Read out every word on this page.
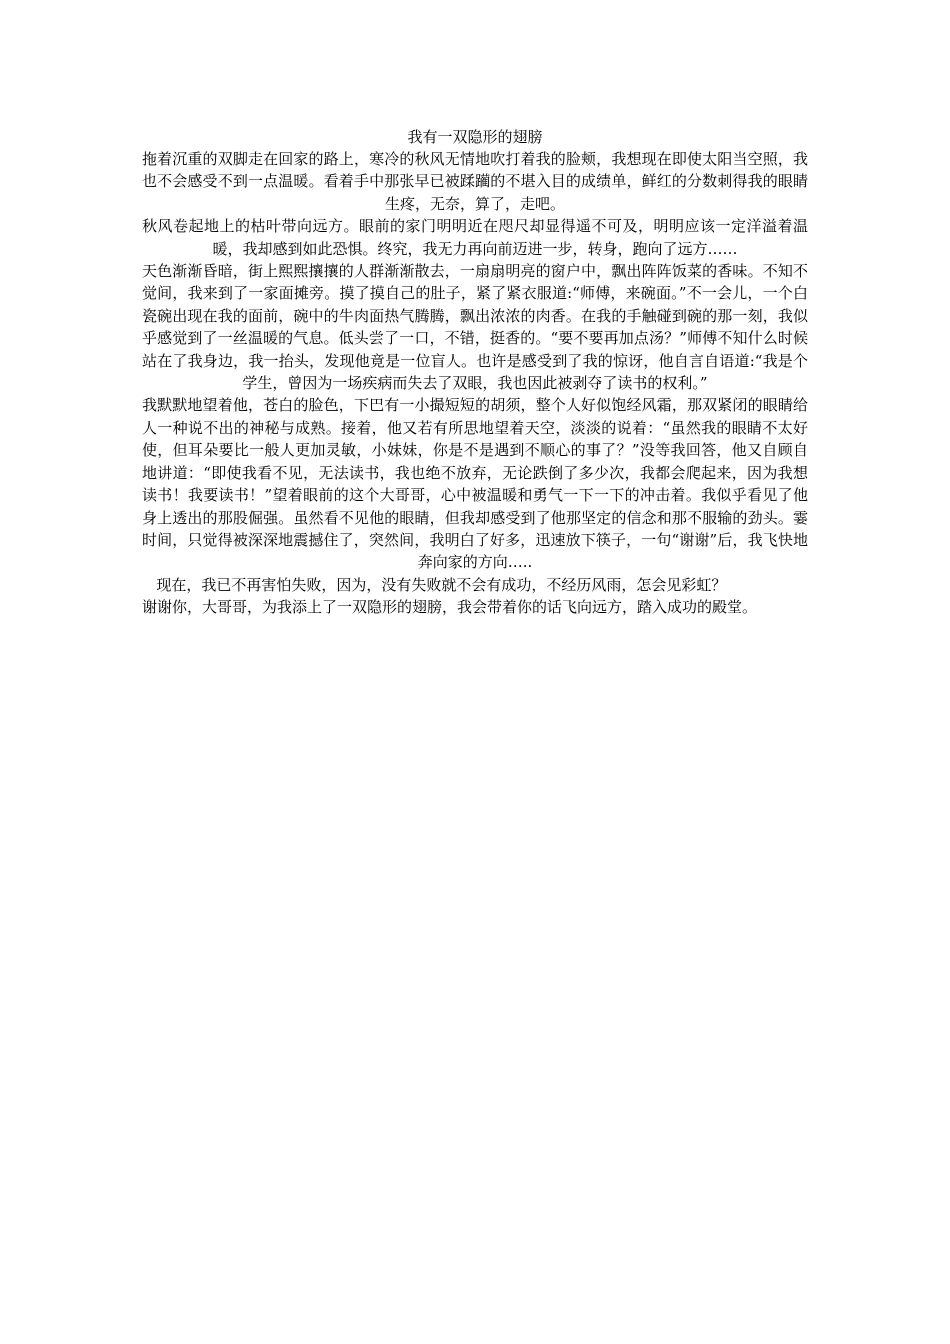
我有一双隐形的翅膀

拖着沉重的双脚走在回家的路上，寒冷的秋风无情地吹打着我的脸颊，我想现在即使太阳当空照，我也不会感受不到一点温暖。看着手中那张早已被蹂躏的不堪入目的成绩单，鲜红的分数刺得我的眼睛生疼，无奈，算了，走吧。

秋风卷起地上的枯叶带向远方。眼前的家门明明近在咫尺却显得遥不可及，明明应该一定洋溢着温暖，我却感到如此恐惧。终究，我无力再向前迈进一步，转身，跑向了远方……

天色渐渐昏暗，街上熙熙攘攘的人群渐渐散去，一扇扇明亮的窗户中，飘出阵阵饭菜的香味。不知不觉间，我来到了一家面摊旁。摸了摸自己的肚子，紧了紧衣服道:“师傅，来碗面。”不一会儿，一个白瓷碗出现在我的面前，碗中的牛肉面热气腾腾，飘出浓浓的肉香。在我的手触碰到碗的那一刻，我似乎感觉到了一丝温暖的气息。低头尝了一口，不错，挺香的。“要不要再加点汤？”师傅不知什么时候站在了我身边，我一抬头，发现他竟是一位盲人。也许是感受到了我的惊讶，他自言自语道:“我是个学生，曾因为一场疾病而失去了双眼，我也因此被剥夺了读书的权利。”

我默默地望着他，苍白的脸色，下巴有一小撮短短的胡须，整个人好似饱经风霜，那双紧闭的眼睛给人一种说不出的神秘与成熟。接着，他又若有所思地望着天空，淡淡的说着：“虽然我的眼睛不太好使，但耳朵要比一般人更加灵敏，小妹妹，你是不是遇到不顺心的事了？”没等我回答，他又自顾自地讲道：“即使我看不见，无法读书，我也绝不放弃，无论跌倒了多少次，我都会爬起来，因为我想读书！我要读书！”望着眼前的这个大哥哥，心中被温暖和勇气一下一下的冲击着。我似乎看见了他身上透出的那股倔强。虽然看不见他的眼睛，但我却感受到了他那坚定的信念和那不服输的劲头。霎时间，只觉得被深深地震撼住了，突然间，我明白了好多，迅速放下筷子，一句“谢谢”后，我飞快地奔向家的方向…..

现在，我已不再害怕失败，因为，没有失败就不会有成功，不经历风雨，怎会见彩虹？

谢谢你，大哥哥，为我添上了一双隐形的翅膀，我会带着你的话飞向远方，踏入成功的殿堂。
